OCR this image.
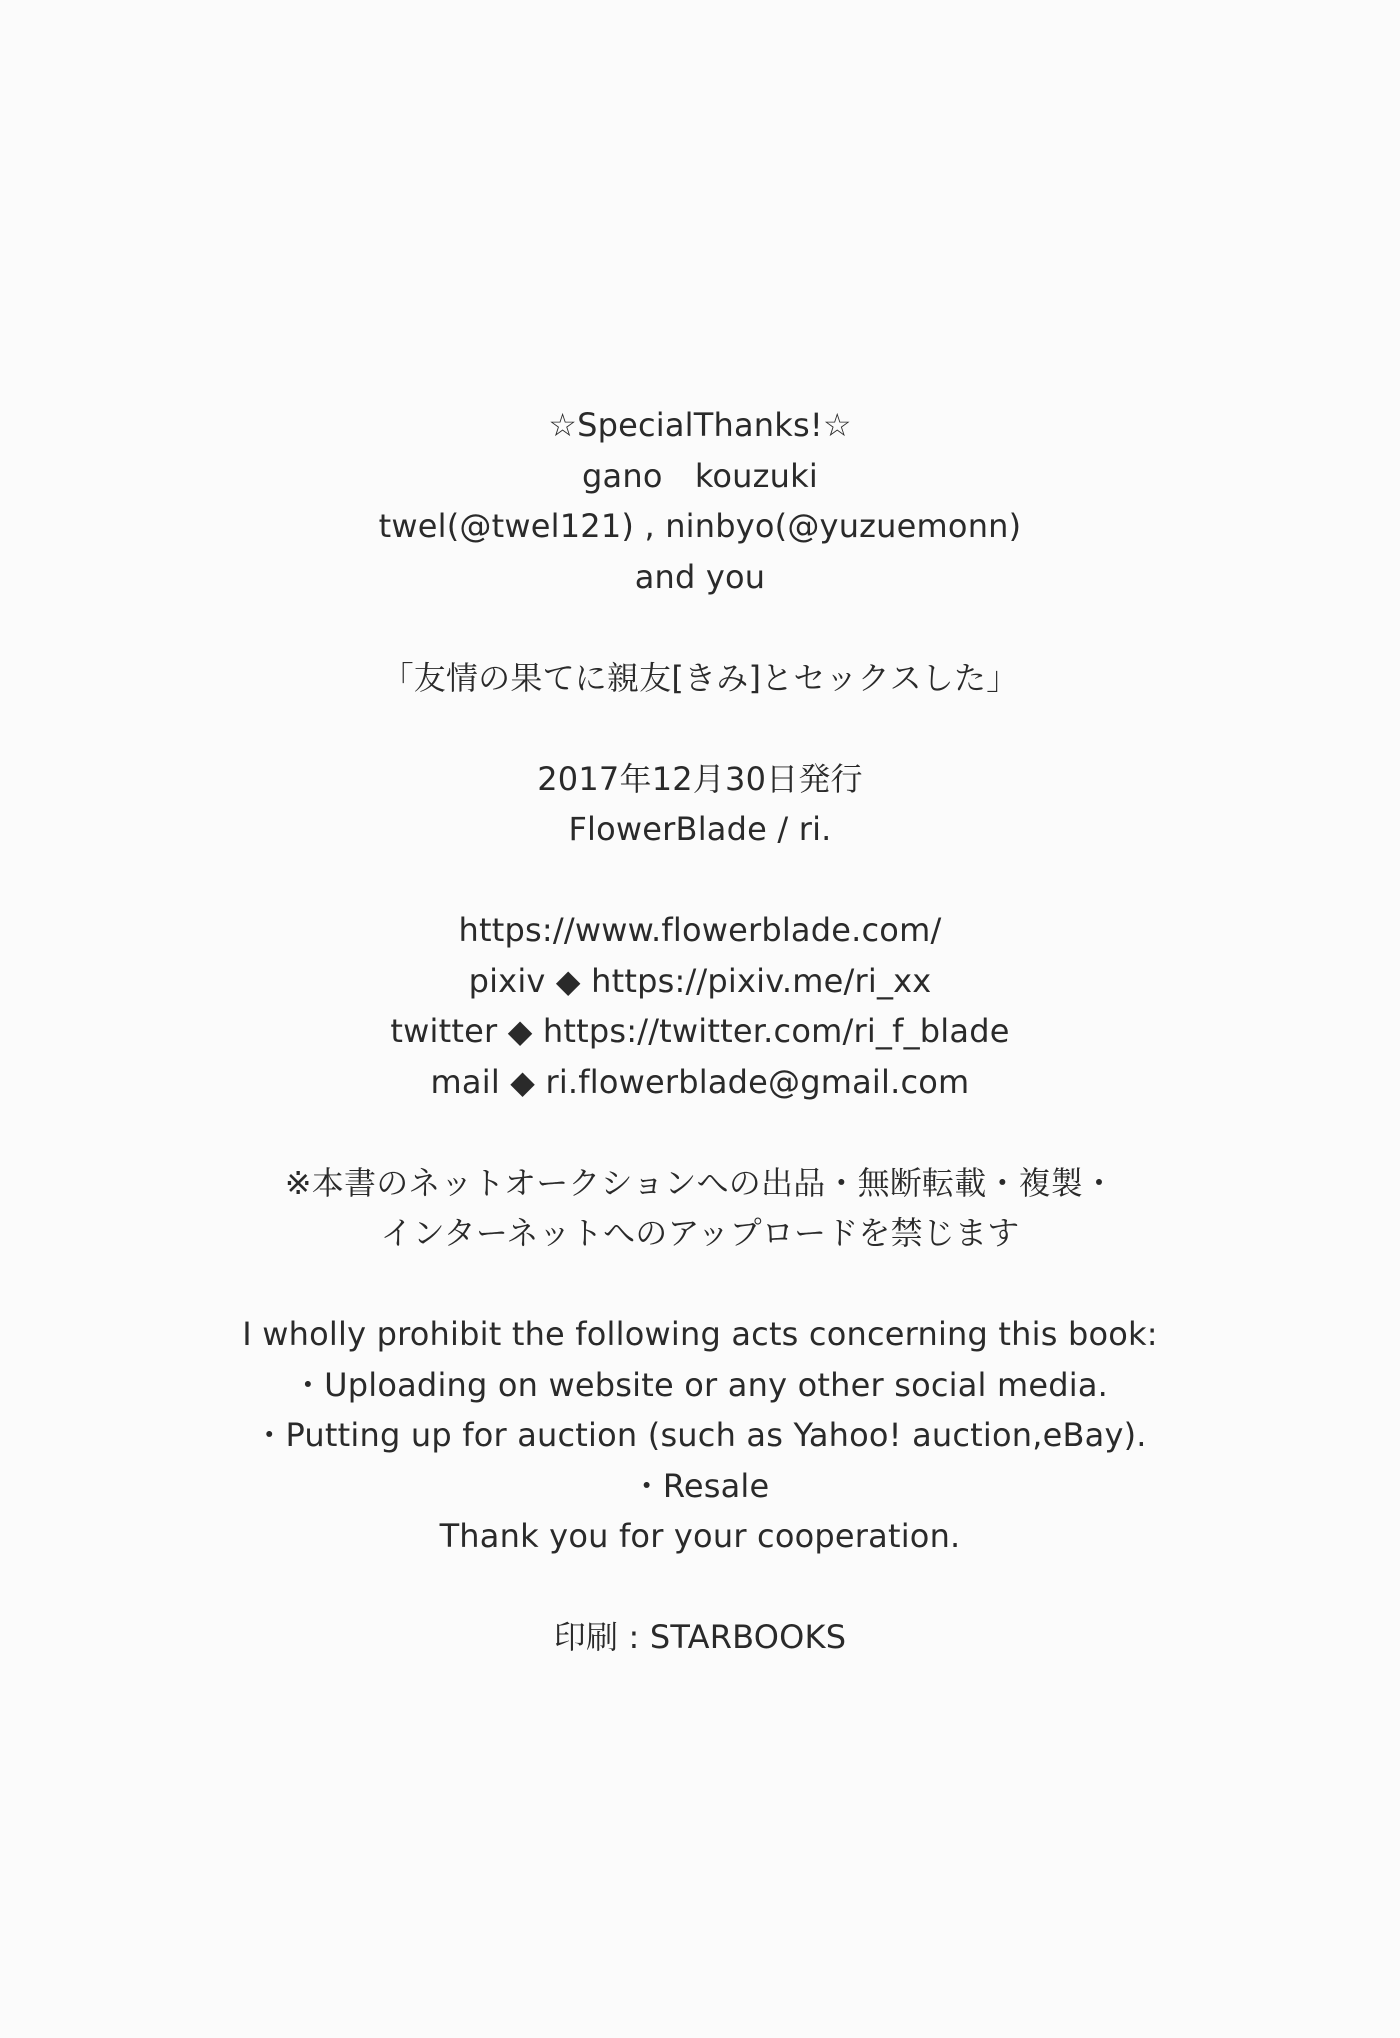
☆SpecialThanks!☆
gano　kouzuki
twel(@twel121) , ninbyo(@yuzuemonn)
and you
「友情の果てに親友[きみ]とセックスした」
2017年12月30日発行
FlowerBlade / ri.
https://www.flowerblade.com/
pixiv ◆ https://pixiv.me/ri_xx
twitter ◆ https://twitter.com/ri_f_blade
mail ◆ ri.flowerblade@gmail.com
※本書のネットオークションへの出品・無断転載・複製・
インターネットへのアップロードを禁じます
I wholly prohibit the following acts concerning this book:
・Uploading on website or any other social media.
・Putting up for auction (such as Yahoo! auction,eBay).
・Resale
Thank you for your cooperation.
印刷 : STARBOOKS
